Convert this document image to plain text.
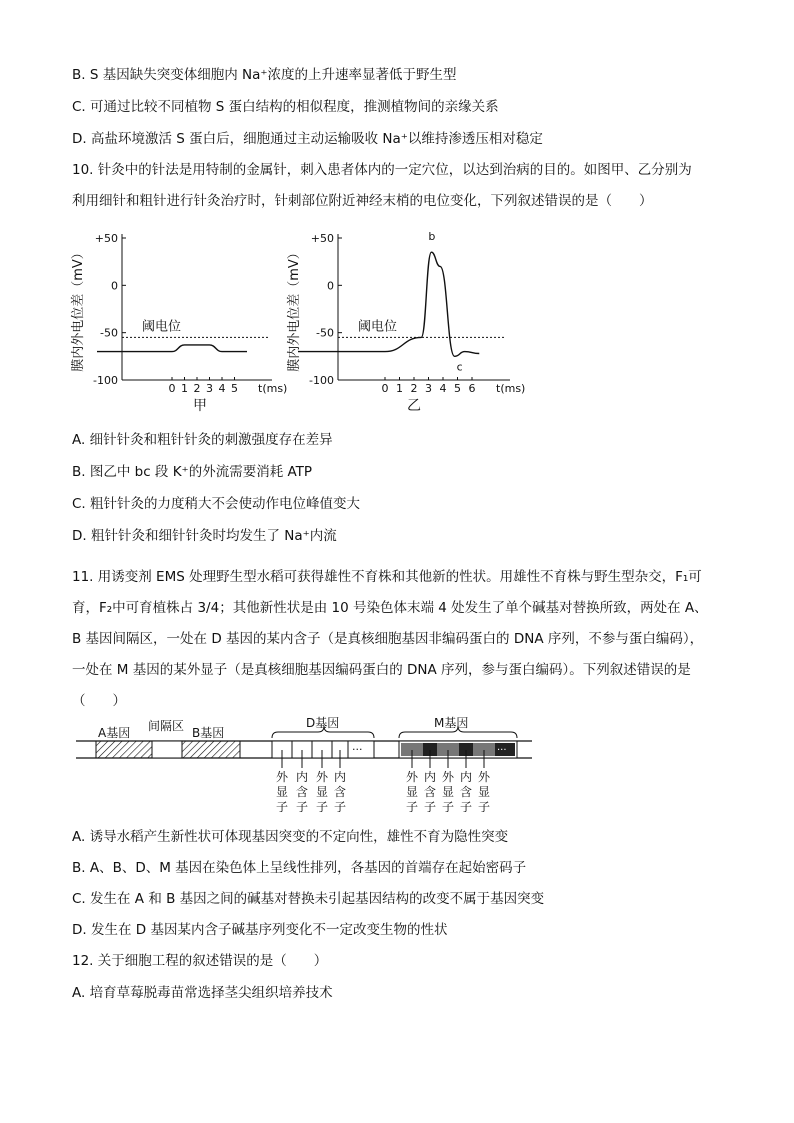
B. S 基因缺失突变体细胞内 Na⁺浓度的上升速率显著低于野生型
C. 可通过比较不同植物 S 蛋白结构的相似程度，推测植物间的亲缘关系
D. 高盐环境激活 S 蛋白后，细胞通过主动运输吸收 Na⁺以维持渗透压相对稳定
10. 针灸中的针法是用特制的金属针，刺入患者体内的一定穴位，以达到治病的目的。如图甲、乙分别为
利用细针和粗针进行针灸治疗时，针刺部位附近神经末梢的电位变化，下列叙述错误的是（　　）
+50
0
-50
-100
膜内外电位差（mV）
0 1 2 3 4 5 t(ms)
甲
阈电位
+50
0
-50
-100
膜内外电位差（mV）
0 1 2 3 4 5 6 t(ms)
乙
阈电位
b
c
A. 细针针灸和粗针针灸的刺激强度存在差异
B. 图乙中 bc 段 K⁺的外流需要消耗 ATP
C. 粗针针灸的力度稍大不会使动作电位峰值变大
D. 粗针针灸和细针针灸时均发生了 Na⁺内流
11. 用诱变剂 EMS 处理野生型水稻可获得雄性不育株和其他新的性状。用雄性不育株与野生型杂交，F₁可
育，F₂中可育植株占 3/4；其他新性状是由 10 号染色体末端 4 处发生了单个碱基对替换所致，两处在 A、
B 基因间隔区，一处在 D 基因的某内含子（是真核细胞基因非编码蛋白的 DNA 序列，不参与蛋白编码），
一处在 M 基因的某外显子（是真核细胞基因编码蛋白的 DNA 序列，参与蛋白编码）。下列叙述错误的是
（　　）
A基因 间隔区 B基因
···
D基因
···
M基因
外
显
子
内
含
子
外
显
子
内
含
子
外
显
子
内
含
子
外
显
子
内
含
子
外
显
子
A. 诱导水稻产生新性状可体现基因突变的不定向性，雄性不育为隐性突变
B. A、B、D、M 基因在染色体上呈线性排列，各基因的首端存在起始密码子
C. 发生在 A 和 B 基因之间的碱基对替换未引起基因结构的改变不属于基因突变
D. 发生在 D 基因某内含子碱基序列变化不一定改变生物的性状
12. 关于细胞工程的叙述错误的是（　　）
A. 培育草莓脱毒苗常选择茎尖组织培养技术
